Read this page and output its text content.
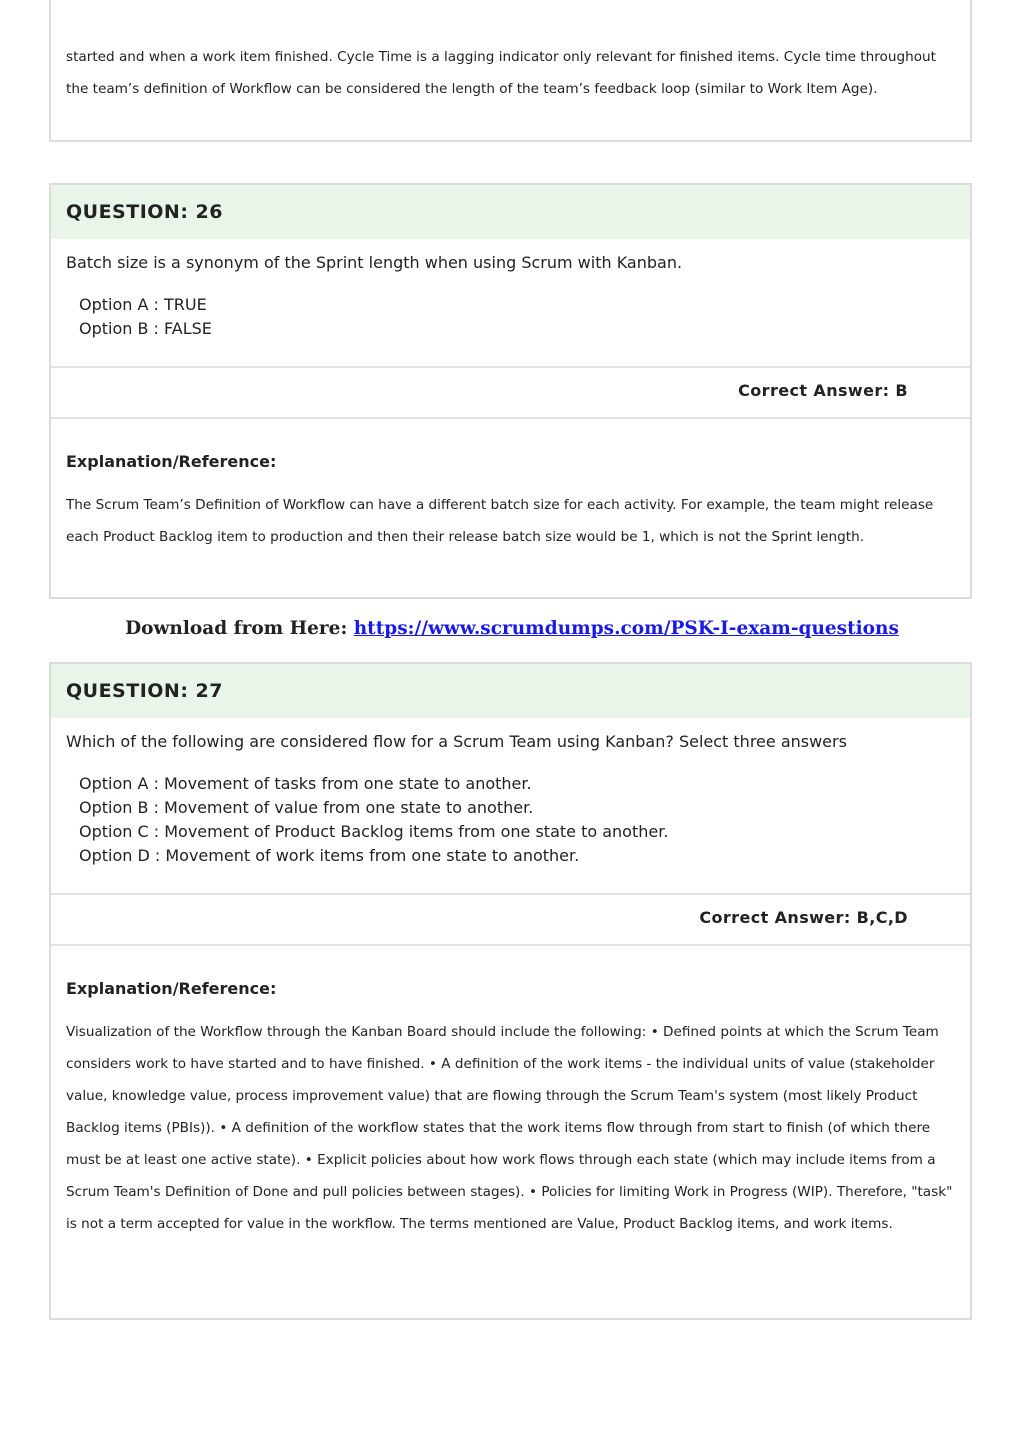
started and when a work item finished. Cycle Time is a lagging indicator only relevant for finished items. Cycle time throughout the team’s definition of Workflow can be considered the length of the team’s feedback loop (similar to Work Item Age).
QUESTION: 26
Batch size is a synonym of the Sprint length when using Scrum with Kanban.
Option A : TRUE
Option B : FALSE
Correct Answer: B
Explanation/Reference:
The Scrum Team’s Definition of Workflow can have a different batch size for each activity. For example, the team might release each Product Backlog item to production and then their release batch size would be 1, which is not the Sprint length.
Download from Here: https://www.scrumdumps.com/PSK-I-exam-questions
QUESTION: 27
Which of the following are considered flow for a Scrum Team using Kanban? Select three answers
Option A : Movement of tasks from one state to another.
Option B : Movement of value from one state to another.
Option C : Movement of Product Backlog items from one state to another.
Option D : Movement of work items from one state to another.
Correct Answer: B,C,D
Explanation/Reference:
Visualization of the Workflow through the Kanban Board should include the following: • Defined points at which the Scrum Team considers work to have started and to have finished. • A definition of the work items - the individual units of value (stakeholder value, knowledge value, process improvement value) that are flowing through the Scrum Team's system (most likely Product Backlog items (PBIs)). • A definition of the workflow states that the work items flow through from start to finish (of which there must be at least one active state). • Explicit policies about how work flows through each state (which may include items from a Scrum Team's Definition of Done and pull policies between stages). • Policies for limiting Work in Progress (WIP). Therefore, "task" is not a term accepted for value in the workflow. The terms mentioned are Value, Product Backlog items, and work items.
